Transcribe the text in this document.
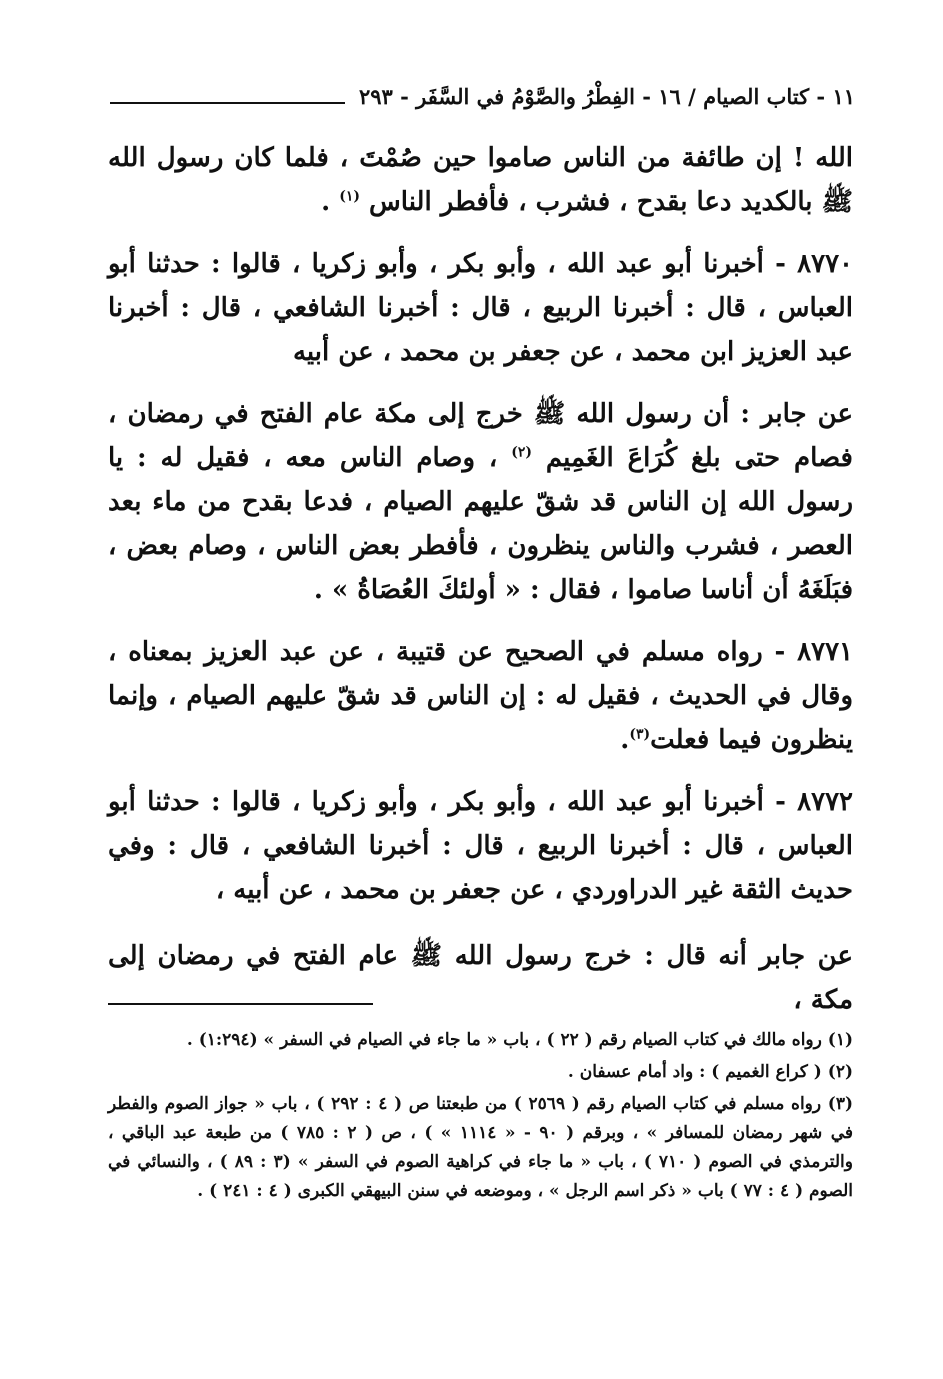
١١ - كتاب الصيام / ١٦ - الفِطْرُ والصَّوْمُ في السَّفَر - ٢٩٣

الله ! إن طائفة من الناس صاموا حين صُمْتَ ، فلما كان رسول الله ﷺ بالكديد دعا بقدح ، فشرب ، فأفطر الناس $^{(١)}$ .

٨٧٧٠ - أخبرنا أبو عبد الله ، وأبو بكر ، وأبو زكريا ، قالوا : حدثنا أبو العباس ، قال : أخبرنا الربيع ، قال : أخبرنا الشافعي ، قال : أخبرنا عبد العزيز ابن محمد ، عن جعفر بن محمد ، عن أبيه

عن جابر : أن رسول الله ﷺ خرج إلى مكة عام الفتح في رمضان ، فصام حتى بلغ كُرَاعَ الغَمِيم $^{(٢)}$ ، وصام الناس معه ، فقيل له : يا رسول الله إن الناس قد شقّ عليهم الصيام ، فدعا بقدح من ماء بعد العصر ، فشرب والناس ينظرون ، فأفطر بعض الناس ، وصام بعض ، فبَلَغَهُ أن أناسا صاموا ، فقال : « أولئكَ العُصَاةُ » .

٨٧٧١ - رواه مسلم في الصحيح عن قتيبة ، عن عبد العزيز بمعناه ، وقال في الحديث ، فقيل له : إن الناس قد شقّ عليهم الصيام ، وإنما ينظرون فيما فعلت$^{(٣)}$.

٨٧٧٢ - أخبرنا أبو عبد الله ، وأبو بكر ، وأبو زكريا ، قالوا : حدثنا أبو العباس ، قال : أخبرنا الربيع ، قال : أخبرنا الشافعي ، قال : وفي حديث الثقة غير الدراوردي ، عن جعفر بن محمد ، عن أبيه ،

عن جابر أنه قال : خرج رسول الله ﷺ عام الفتح في رمضان إلى مكة ،

(١) رواه مالك في كتاب الصيام رقم ( ٢٢ ) ، باب « ما جاء في الصيام في السفر » (١:٢٩٤) .

(٢) ( كراع الغميم ) : واد أمام عسفان .

(٣) رواه مسلم في كتاب الصيام رقم ( ٢٥٦٩ ) من طبعتنا ص ( ٤ : ٢٩٢ ) ، باب « جواز الصوم والفطر في شهر رمضان للمسافر » ، وبرقم ( ٩٠ - « ١١١٤ » ) ، ص ( ٢ : ٧٨٥ ) من طبعة عبد الباقي ، والترمذي في الصوم ( ٧١٠ ) ، باب « ما جاء في كراهية الصوم في السفر » (٣ : ٨٩ ) ، والنسائي في الصوم ( ٤ : ٧٧ ) باب « ذكر اسم الرجل » ، وموضعه في سنن البيهقي الكبرى ( ٤ : ٢٤١ ) .
